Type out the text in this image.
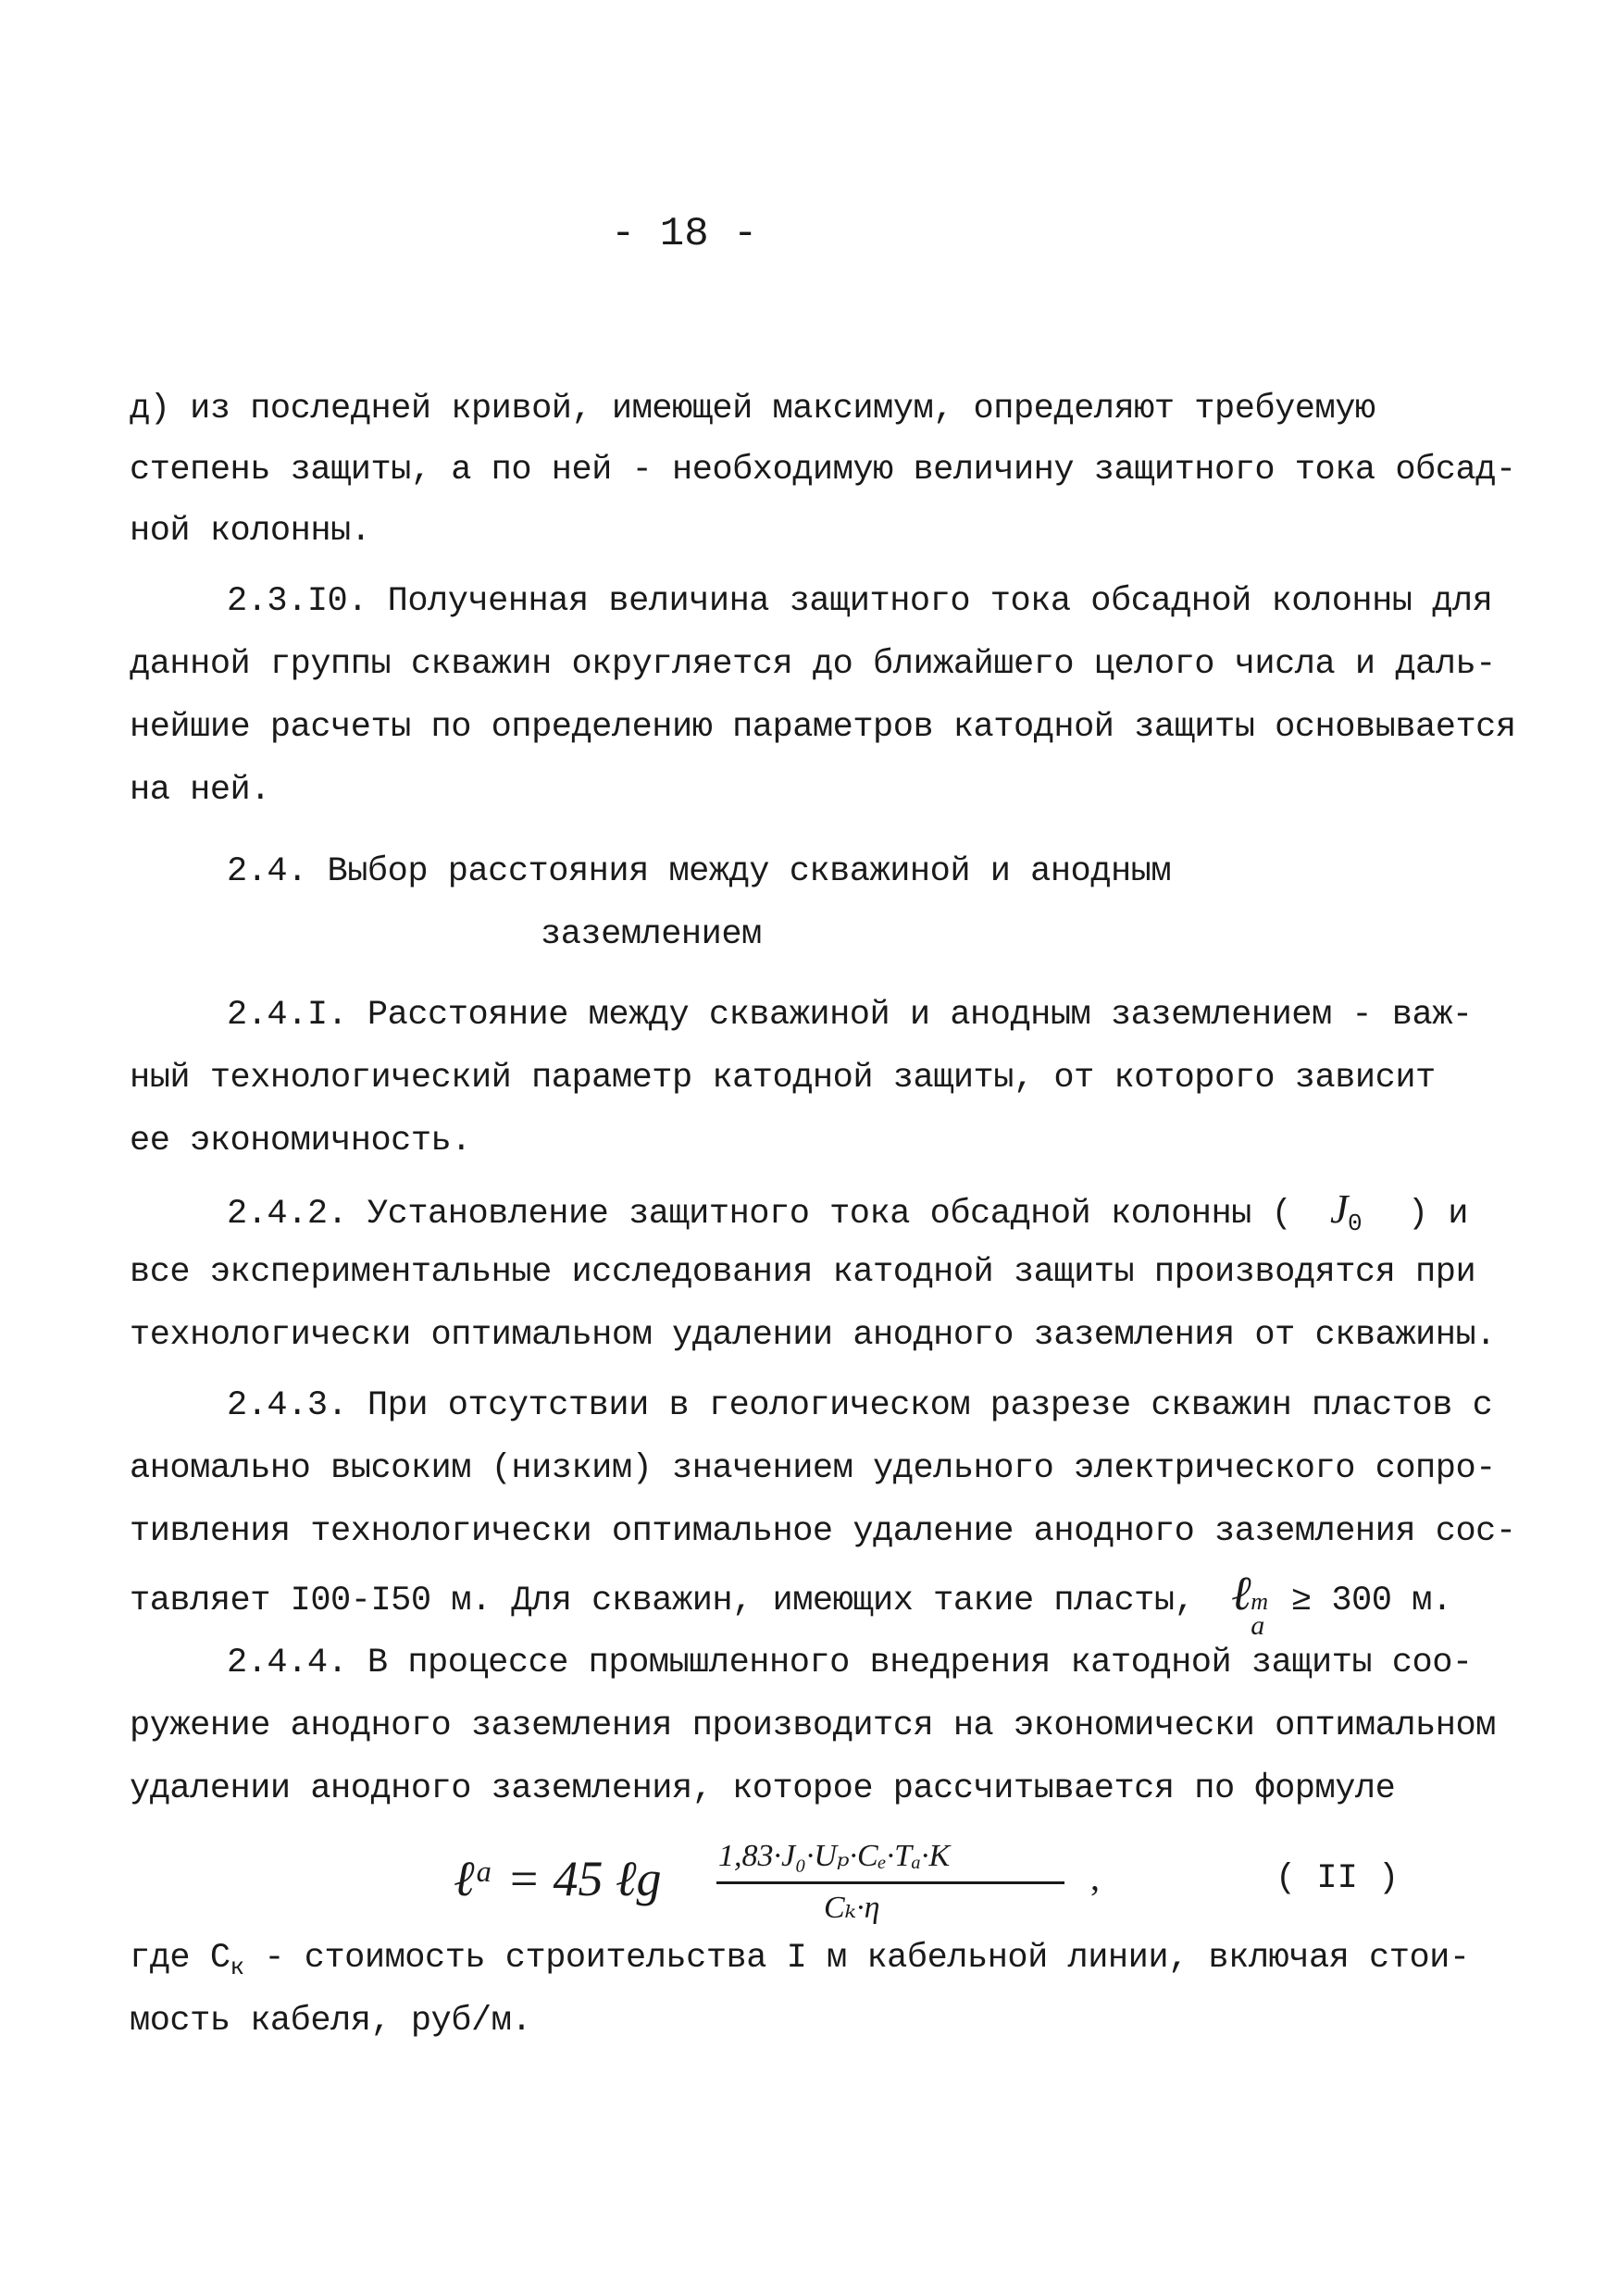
- 18 -
д) из последней кривой, имеющей максимум, определяют требуемую
степень защиты, а по ней - необходимую величину защитного тока обсад-
ной колонны.
2.3.I0. Полученная величина защитного тока обсадной колонны для
данной группы скважин округляется до ближайшего целого числа и даль-
нейшие расчеты по определению параметров катодной защиты основывается
на ней.
2.4. Выбор расстояния между скважиной и анодным
заземлением
2.4.I. Расстояние между скважиной и анодным заземлением - важ-
ный технологический параметр катодной защиты, от которого зависит
ее экономичность.
2.4.2. Установление защитного тока обсадной колонны ( $J_0$ ) и
все экспериментальные исследования катодной защиты производятся при
технологически оптимальном удалении анодного заземления от скважины.
2.4.3. При отсутствии в геологическом разрезе скважин пластов с
аномально высоким (низким) значением удельного электрического сопро-
тивления технологически оптимальное удаление анодного заземления сос-
тавляет I00-I50 м. Для скважин, имеющих такие пласты, ℓ т
a
≥ 300 м.
2.4.4. В процессе промышленного внедрения катодной защиты соо-
ружение анодного заземления производится на экономически оптимальном
удалении анодного заземления, которое рассчитывается по формуле
ℓᵃ = 45 ℓg 1,83·J₀·Uₚ·Cₑ·Tₐ·K
Cₖ·η
,	( II )
где $С_к$ - стоимость строительства I м кабельной линии, включая стои-
мость кабеля, руб/м.
